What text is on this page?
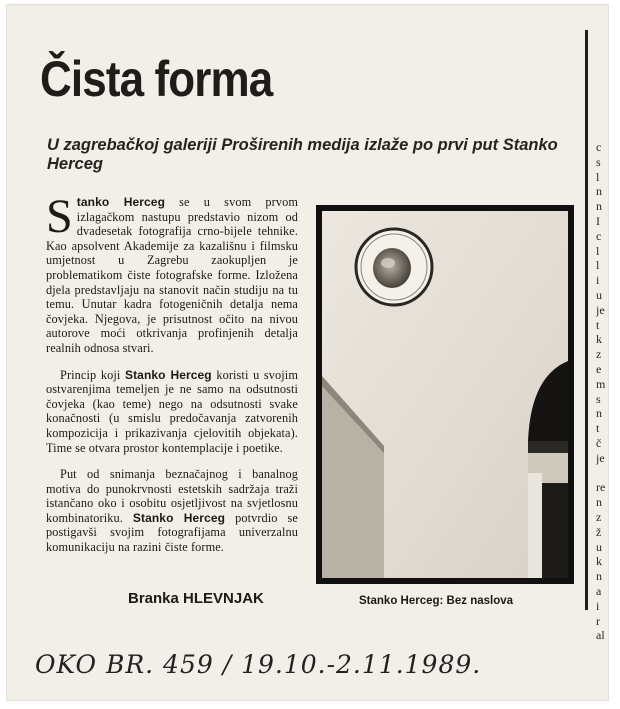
Čista forma
U zagrebačkoj galeriji Proširenih medija izlaže po prvi put Stanko Herceg

Stanko Herceg se u svom prvom izlagačkom nastupu predstavio nizom od dvadesetak fotografija crno-bijele tehnike. Kao apsolvent Akademije za kazališnu i filmsku umjetnost u Zagrebu zaokupljen je problematikom čiste fotografske forme. Izložena djela predstavljaju na stanovit način studiju na tu temu. Unutar kadra fotogeničnih detalja nema čovjeka. Njegova, je prisutnost očito na nivou autorove moći otkrivanja profinjenih detalja realnih odnosa stvari.

Princip koji Stanko Herceg koristi u svojim ostvarenjima temeljen je ne samo na odsutnosti čovjeka (kao teme) nego na odsutnosti svake konačnosti (u smislu predočavanja zatvorenih kompozicija i prikazivanja cjelovitih objekata). Time se otvara prostor kontemplacije i poetike.

Put od snimanja beznačajnog i banalnog motiva do punokrvnosti estetskih sadržaja traži istančano oko i osobitu osjetljivost na svjetlosnu kombinatoriku. Stanko Herceg potvrdio se postigavši svojim fotografijama univerzalnu komunikaciju na razini čiste forme.

Branka HLEVNJAK	Stanko Herceg: Bez naslova
c
s
l
n
n
I
c
l
l
i
u
je
t
k
z
e
m
s
n
t
č
je

re
n
z
ž
u
k
n
a
i
r
al
OKO BR. 459 / 19.10.-2.11.1989.
